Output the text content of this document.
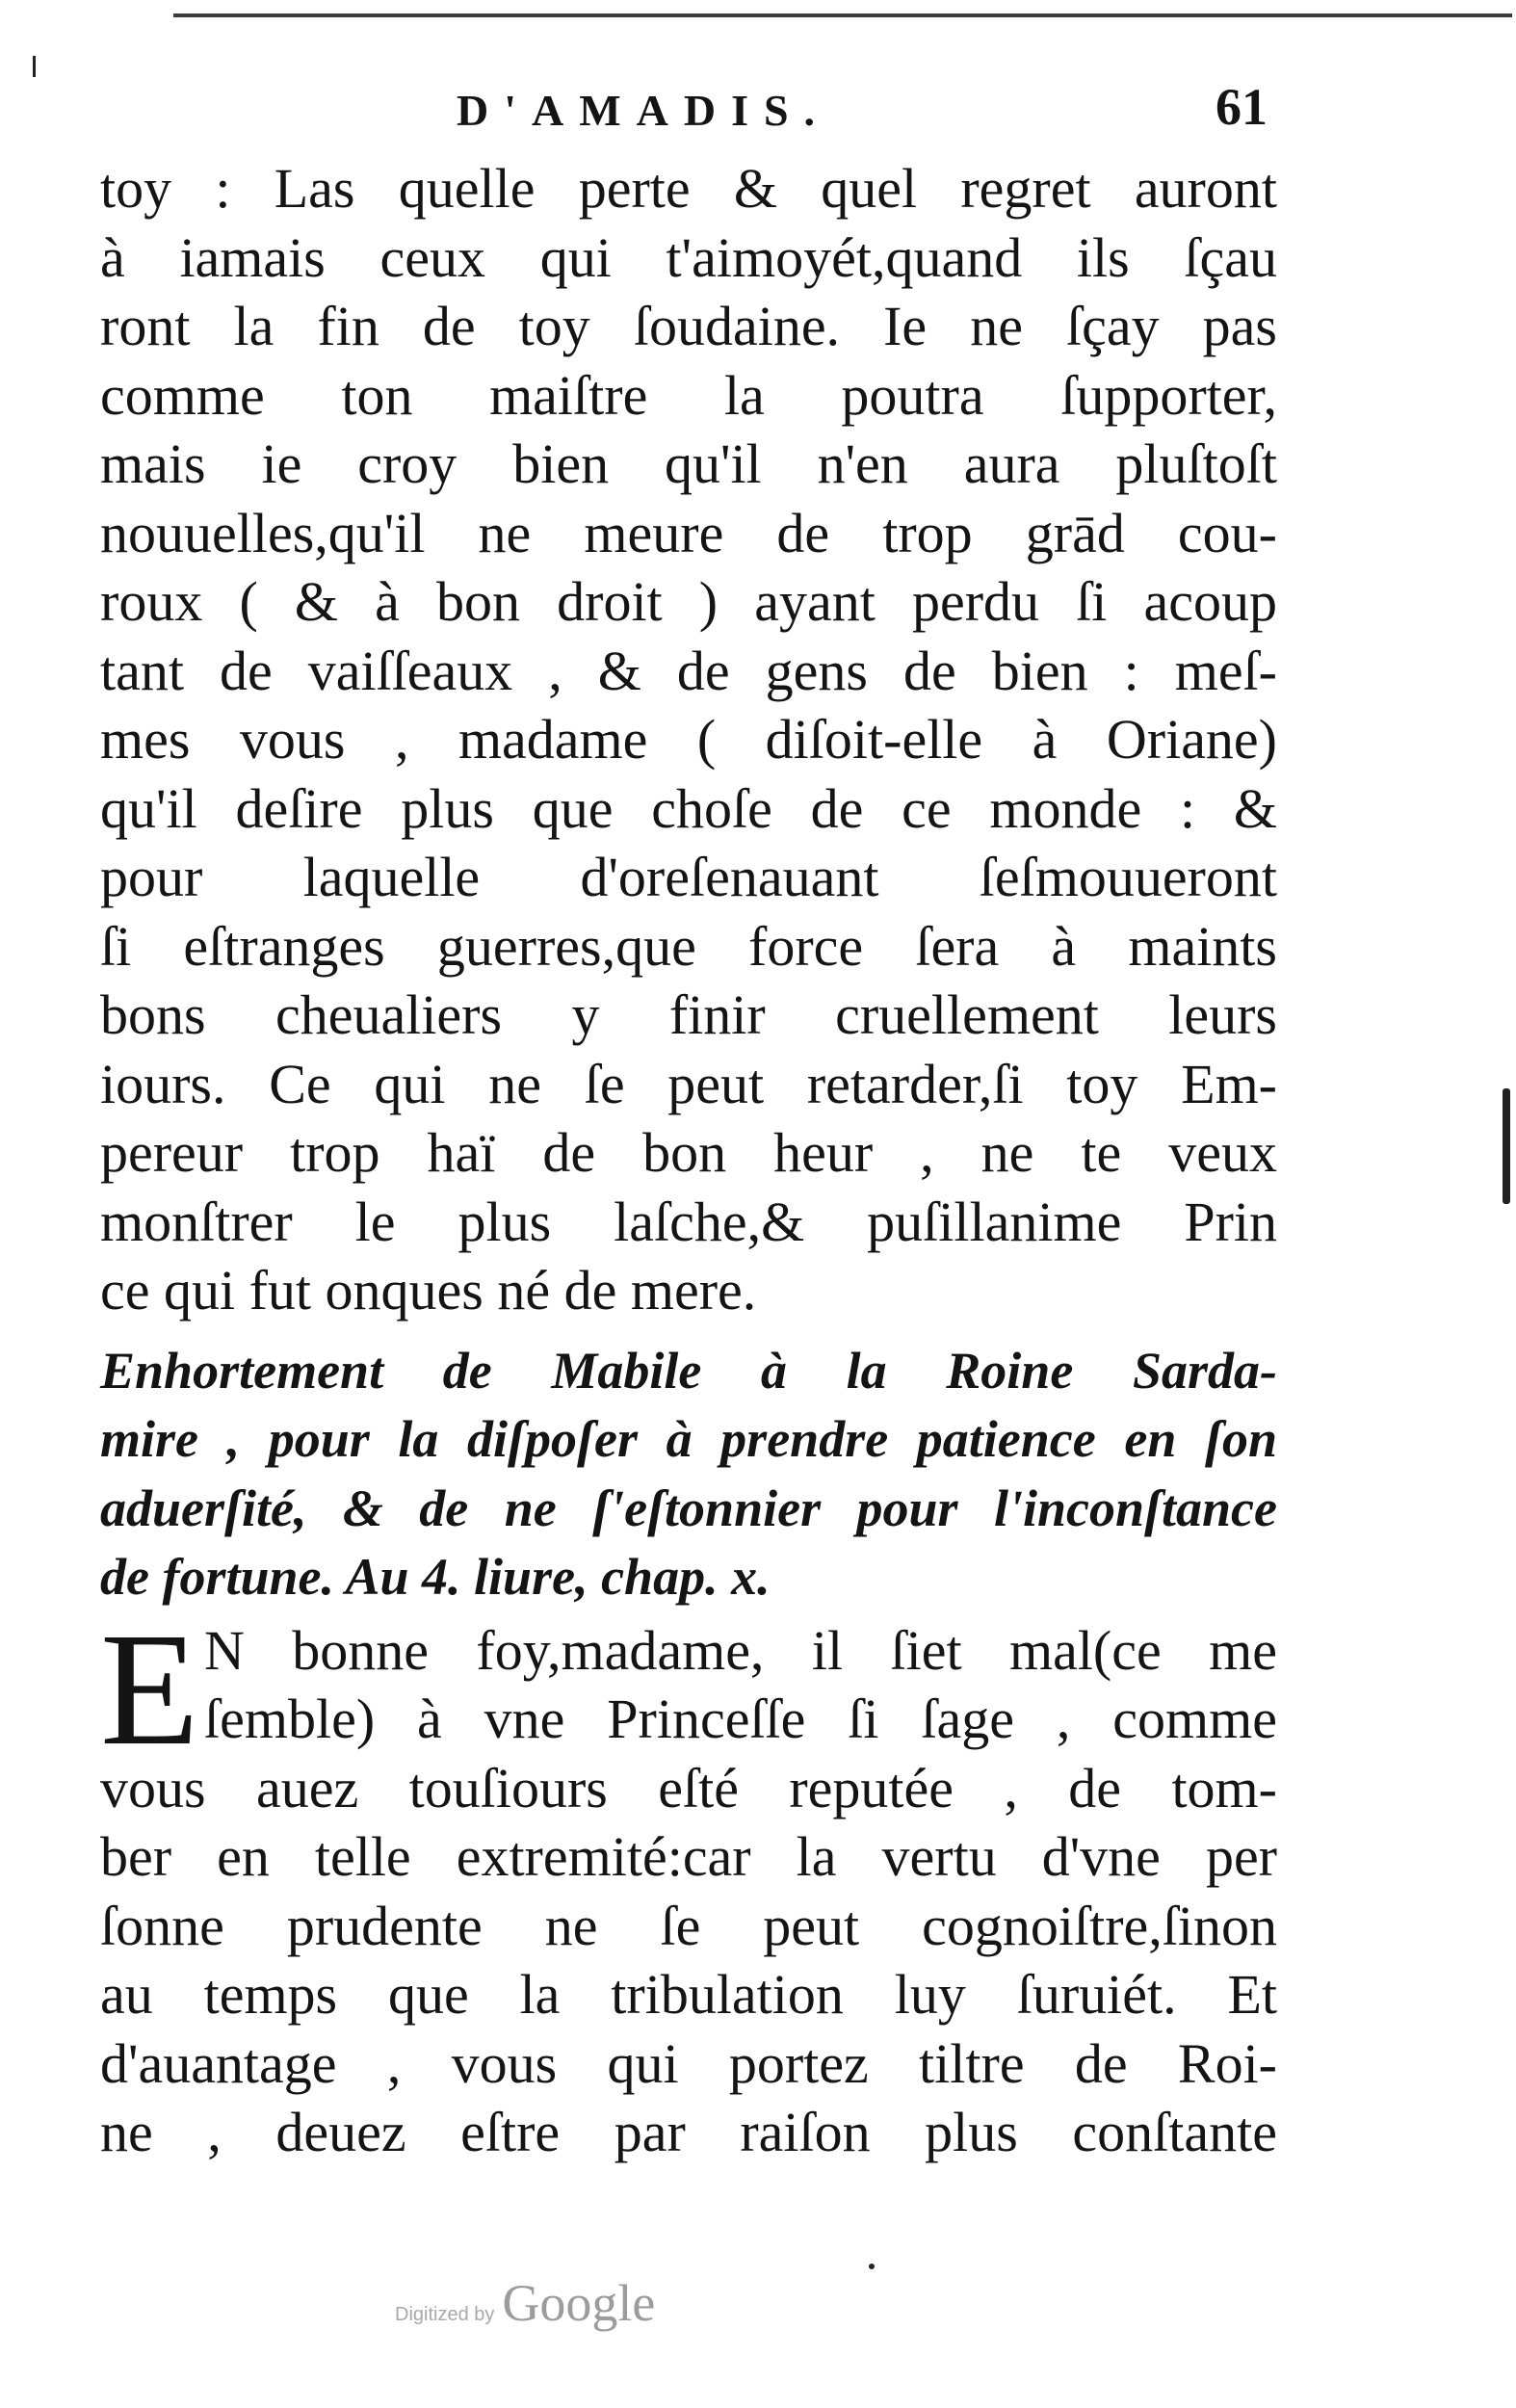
D'AMADIS.	61
toy : Las quelle perte & quel regret auront
à iamais ceux qui t'aimoyét,quand ils ſçau
ront la fin de toy ſoudaine. Ie ne ſçay pas
comme ton maiſtre la poutra ſupporter,
mais ie croy bien qu'il n'en aura pluſtoſt
nouuelles,qu'il ne meure de trop grād cou-
roux ( & à bon droit ) ayant perdu ſi acoup
tant de vaiſſeaux , & de gens de bien : meſ-
mes vous , madame ( diſoit-elle à Oriane)
qu'il deſire plus que choſe de ce monde : &
pour laquelle d'oreſenauant ſeſmouueront
ſi eſtranges guerres,que force ſera à maints
bons cheualiers y finir cruellement leurs
iours. Ce qui ne ſe peut retarder,ſi toy Em-
pereur trop haï de bon heur , ne te veux
monſtrer le plus laſche,& puſillanime Prin
ce qui fut onques né de mere.
Enhortement de Mabile à la Roine Sarda-
mire , pour la diſpoſer à prendre patience en ſon
aduerſité, & de ne ſ'eſtonnier pour l'inconſtance
de fortune. Au 4. liure, chap. x.
E N bonne foy,madame, il ſiet mal(ce me
ſemble) à vne Princeſſe ſi ſage , comme
vous auez touſiours eſté reputée , de tom-
ber en telle extremité:car la vertu d'vne per
ſonne prudente ne ſe peut cognoiſtre,ſinon
au temps que la tribulation luy ſuruiét. Et
d'auantage , vous qui portez tiltre de Roi-
ne , deuez eſtre par raiſon plus conſtante
Digitized by Google
